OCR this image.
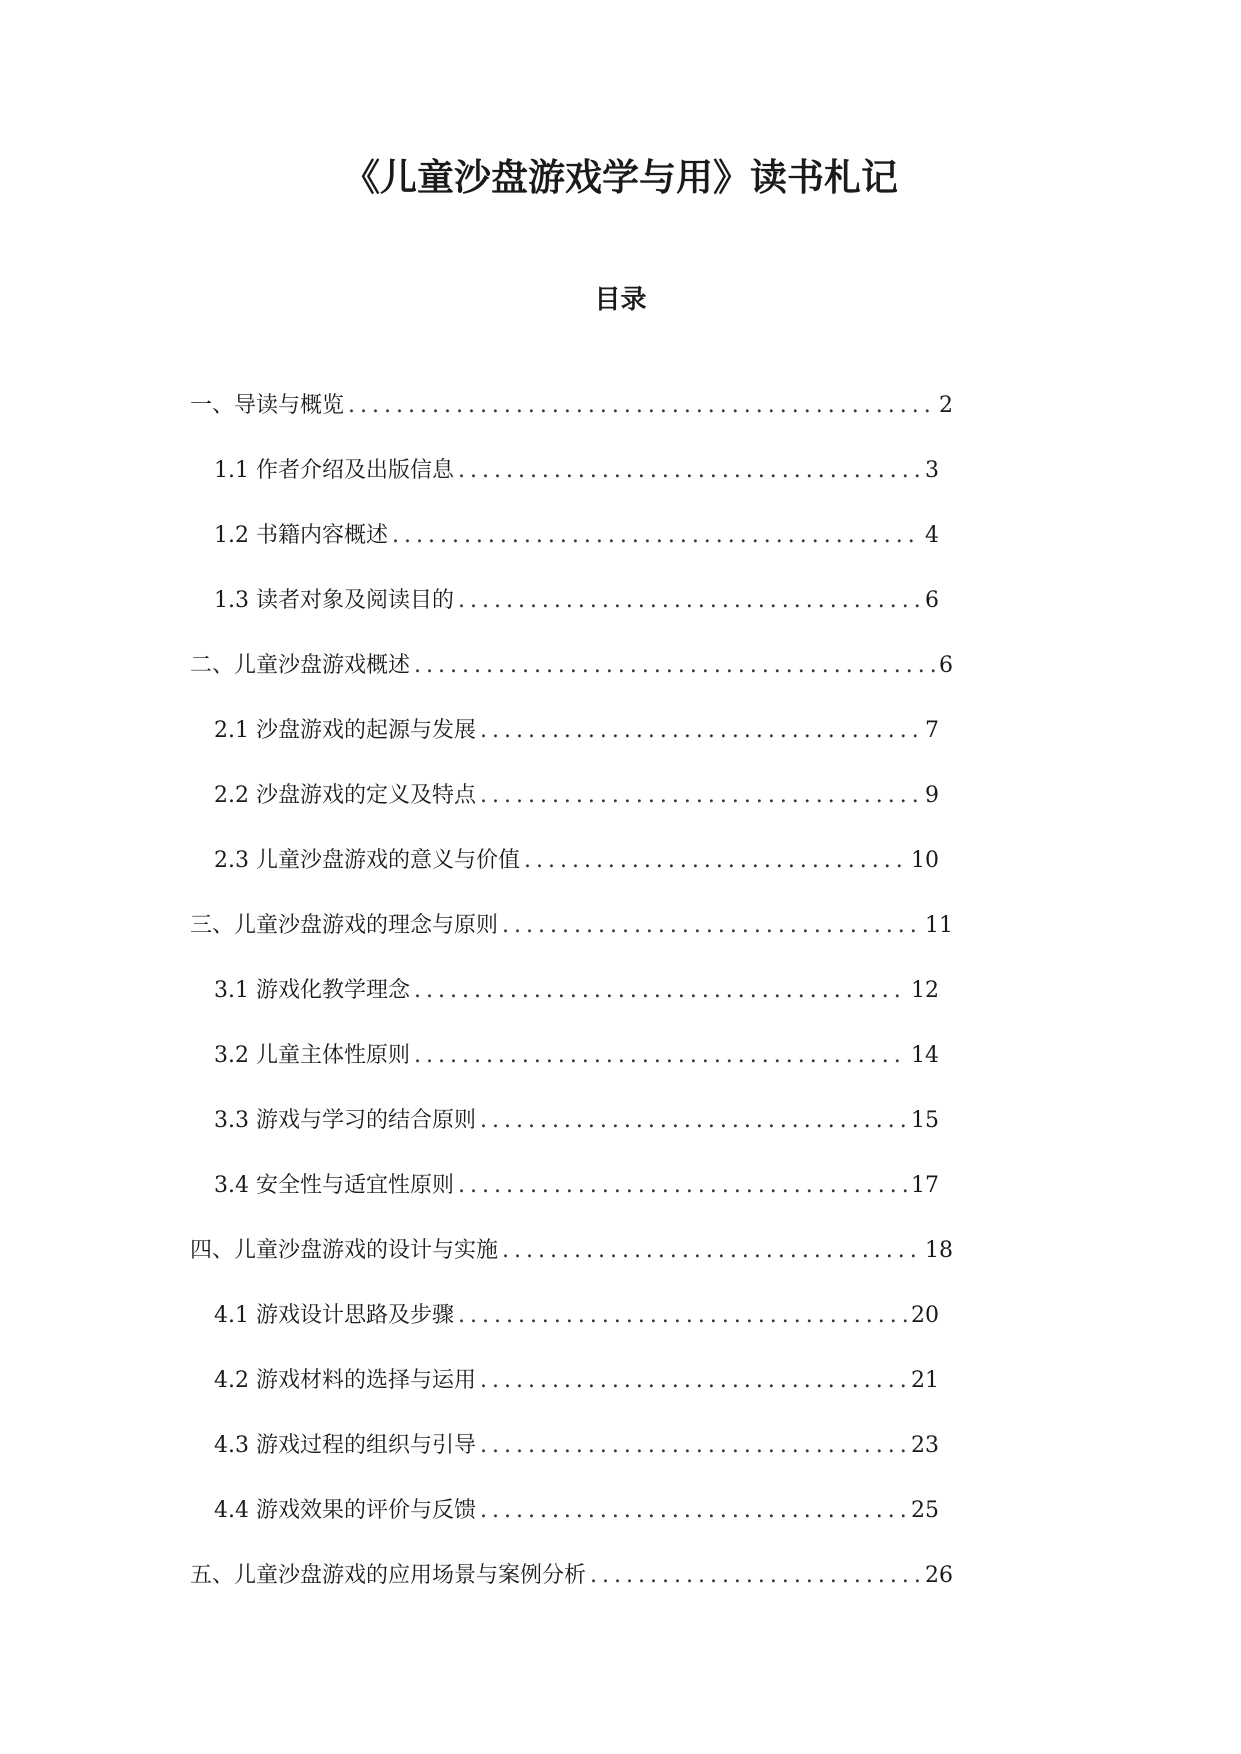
《儿童沙盘游戏学与用》读书札记
目录
一、导读与概览 .....	2
1.1 作者介绍及出版信息 .....	3
1.2 书籍内容概述 .....	4
1.3 读者对象及阅读目的 .....	6
二、儿童沙盘游戏概述 .....	6
2.1 沙盘游戏的起源与发展 .....	7
2.2 沙盘游戏的定义及特点 .....	9
2.3 儿童沙盘游戏的意义与价值 .....	10
三、儿童沙盘游戏的理念与原则 .....	11
3.1 游戏化教学理念 .....	12
3.2 儿童主体性原则 .....	14
3.3 游戏与学习的结合原则 .....	15
3.4 安全性与适宜性原则 .....	17
四、儿童沙盘游戏的设计与实施 .....	18
4.1 游戏设计思路及步骤 .....	20
4.2 游戏材料的选择与运用 .....	21
4.3 游戏过程的组织与引导 .....	23
4.4 游戏效果的评价与反馈 .....	25
五、儿童沙盘游戏的应用场景与案例分析 .....	26
